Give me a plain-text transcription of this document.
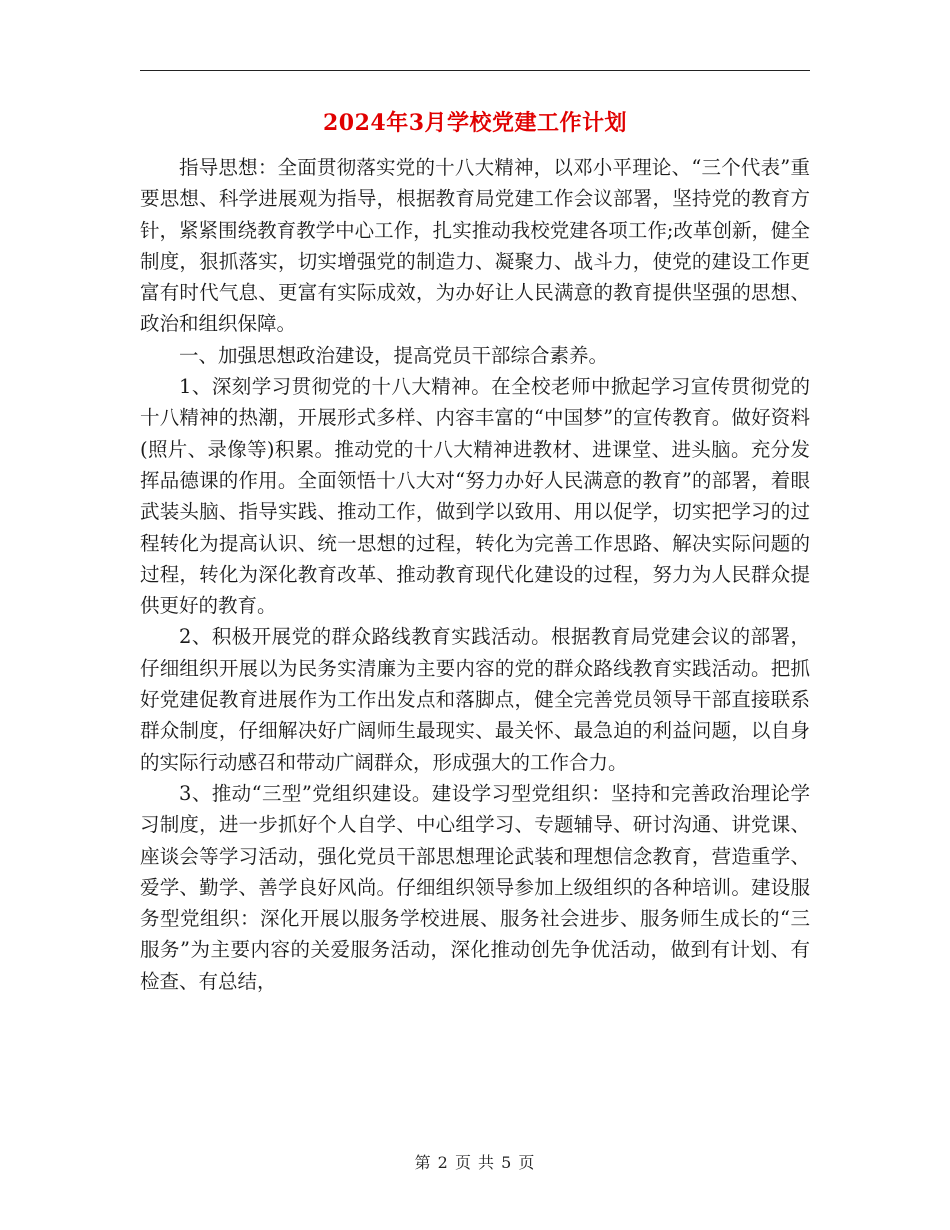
2024年3月学校党建工作计划

指导思想：全面贯彻落实党的十八大精神，以邓小平理论、“三个代表”重要思想、科学进展观为指导，根据教育局党建工作会议部署，坚持党的教育方针，紧紧围绕教育教学中心工作，扎实推动我校党建各项工作;改革创新，健全制度，狠抓落实，切实增强党的制造力、凝聚力、战斗力，使党的建设工作更富有时代气息、更富有实际成效，为办好让人民满意的教育提供坚强的思想、政治和组织保障。

一、加强思想政治建设，提高党员干部综合素养。

1、深刻学习贯彻党的十八大精神。在全校老师中掀起学习宣传贯彻党的十八精神的热潮，开展形式多样、内容丰富的“中国梦”的宣传教育。做好资料(照片、录像等)积累。推动党的十八大精神进教材、进课堂、进头脑。充分发挥品德课的作用。全面领悟十八大对“努力办好人民满意的教育”的部署，着眼武装头脑、指导实践、推动工作，做到学以致用、用以促学，切实把学习的过程转化为提高认识、统一思想的过程，转化为完善工作思路、解决实际问题的过程，转化为深化教育改革、推动教育现代化建设的过程，努力为人民群众提供更好的教育。

2、积极开展党的群众路线教育实践活动。根据教育局党建会议的部署，仔细组织开展以为民务实清廉为主要内容的党的群众路线教育实践活动。把抓好党建促教育进展作为工作出发点和落脚点，健全完善党员领导干部直接联系群众制度，仔细解决好广阔师生最现实、最关怀、最急迫的利益问题，以自身的实际行动感召和带动广阔群众，形成强大的工作合力。

3、推动“三型”党组织建设。建设学习型党组织：坚持和完善政治理论学习制度，进一步抓好个人自学、中心组学习、专题辅导、研讨沟通、讲党课、座谈会等学习活动，强化党员干部思想理论武装和理想信念教育，营造重学、爱学、勤学、善学良好风尚。仔细组织领导参加上级组织的各种培训。建设服务型党组织：深化开展以服务学校进展、服务社会进步、服务师生成长的“三服务”为主要内容的关爱服务活动，深化推动创先争优活动，做到有计划、有检查、有总结，

第 2 页 共 5 页
